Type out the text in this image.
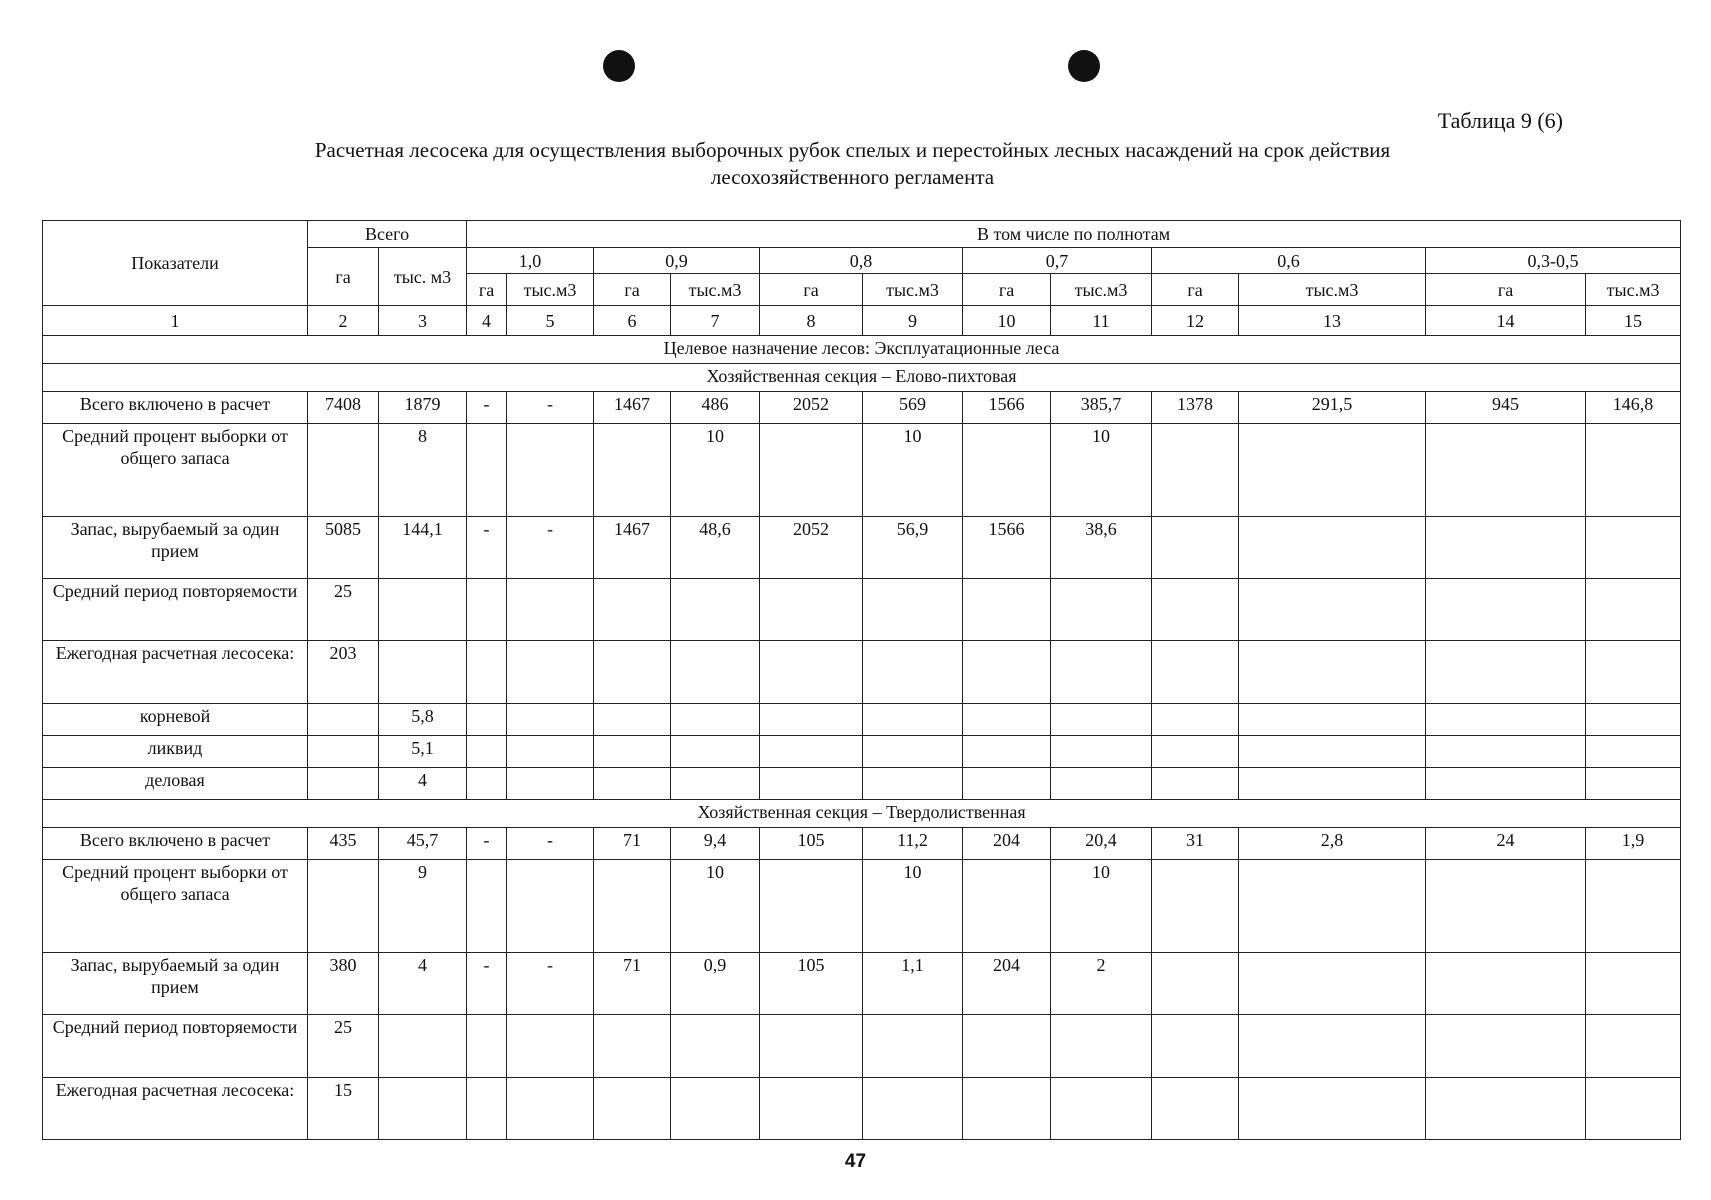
Таблица 9 (6)
Расчетная лесосека для осуществления выборочных рубок спелых и перестойных лесных насаждений на срок действия
лесохозяйственного регламента
Показатели	Всего		В том числе по полнотам											
	га	тыс. м3	1,0		0,9		0,8		0,7		0,6		0,3-0,5	
			га	тыс.м3	га	тыс.м3	га	тыс.м3	га	тыс.м3	га	тыс.м3	га	тыс.м3
1	2	3	4	5	6	7	8	9	10	11	12	13	14	15
Целевое назначение лесов: Эксплуатационные леса														
Хозяйственная секция – Елово-пихтовая														
Всего включено в расчет	7408	1879	-	-	1467	486	2052	569	1566	385,7	1378	291,5	945	146,8
Средний процент выборки от общего запаса		8				10		10		10				
Запас, вырубаемый за один прием	5085	144,1	-	-	1467	48,6	2052	56,9	1566	38,6				
Средний период повторяемости	25													
Ежегодная расчетная лесосека:	203													
корневой		5,8												
ликвид		5,1												
деловая		4												
Хозяйственная секция – Твердолиственная														
Всего включено в расчет	435	45,7	-	-	71	9,4	105	11,2	204	20,4	31	2,8	24	1,9
Средний процент выборки от общего запаса		9				10		10		10				
Запас, вырубаемый за один прием	380	4	-	-	71	0,9	105	1,1	204	2				
Средний период повторяемости	25													
Ежегодная расчетная лесосека:	15													
47
